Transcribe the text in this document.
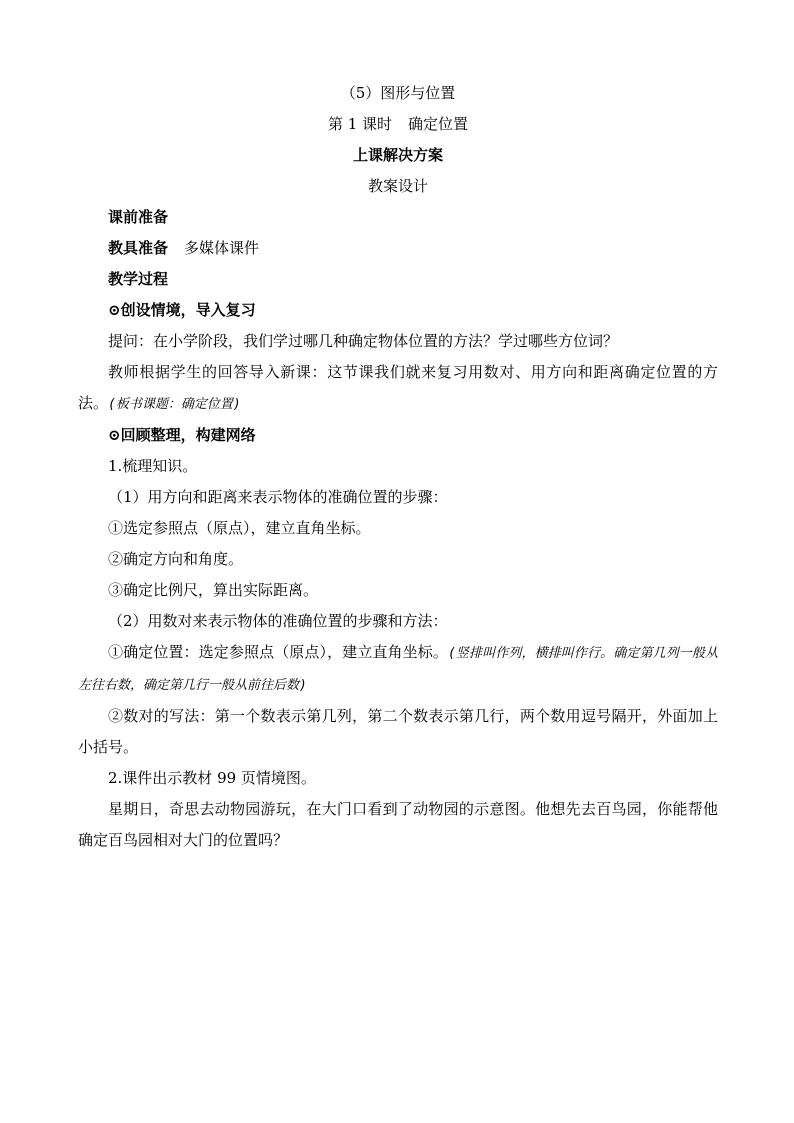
（5）图形与位置
第 1 课时 确定位置
上课解决方案
教案设计
课前准备
教具准备 多媒体课件
教学过程
⊙创设情境，导入复习
提问：在小学阶段，我们学过哪几种确定物体位置的方法？学过哪些方位词？
教师根据学生的回答导入新课：这节课我们就来复习用数对、用方向和距离确定位置的方法。(板书课题：确定位置)
⊙回顾整理，构建网络
1.梳理知识。
（1）用方向和距离来表示物体的准确位置的步骤：
①选定参照点（原点），建立直角坐标。
②确定方向和角度。
③确定比例尺，算出实际距离。
（2）用数对来表示物体的准确位置的步骤和方法：
①确定位置：选定参照点（原点），建立直角坐标。(竖排叫作列，横排叫作行。确定第几列一般从左往右数，确定第几行一般从前往后数)
②数对的写法：第一个数表示第几列，第二个数表示第几行，两个数用逗号隔开，外面加上小括号。
2.课件出示教材 99 页情境图。
星期日，奇思去动物园游玩，在大门口看到了动物园的示意图。他想先去百鸟园，你能帮他确定百鸟园相对大门的位置吗？
